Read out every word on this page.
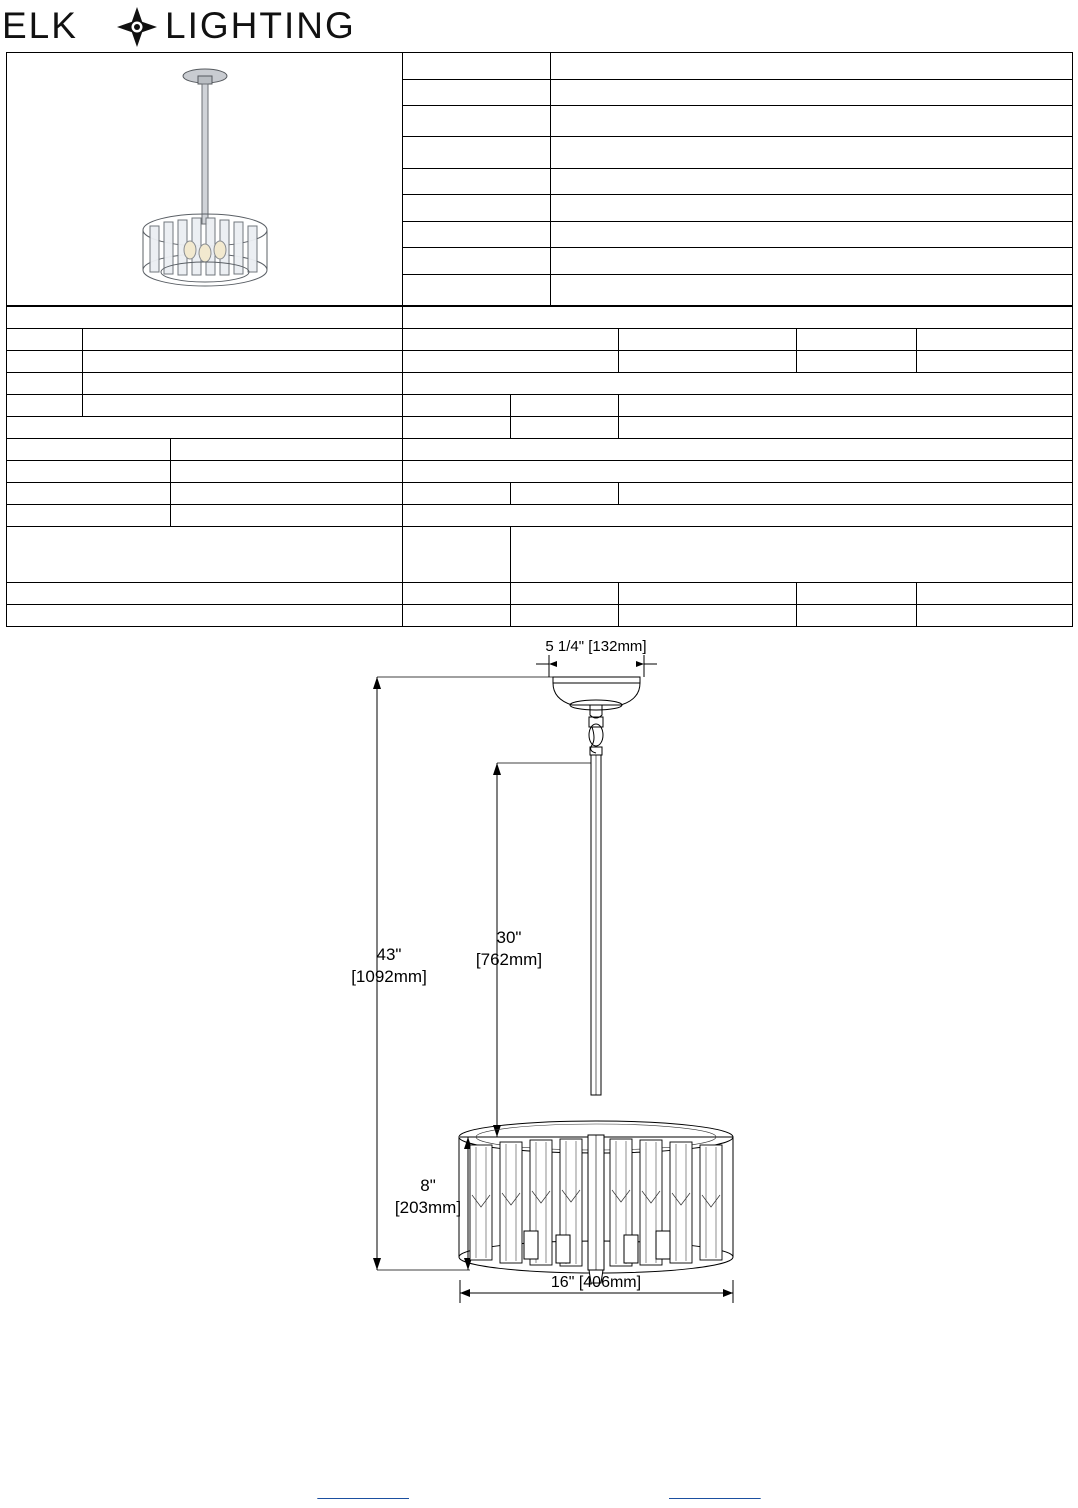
ELK LIGHTING

5 1/4" [132mm]
43"
[1092mm]
30"
[762mm]
8"
[203mm]
16" [406mm]
